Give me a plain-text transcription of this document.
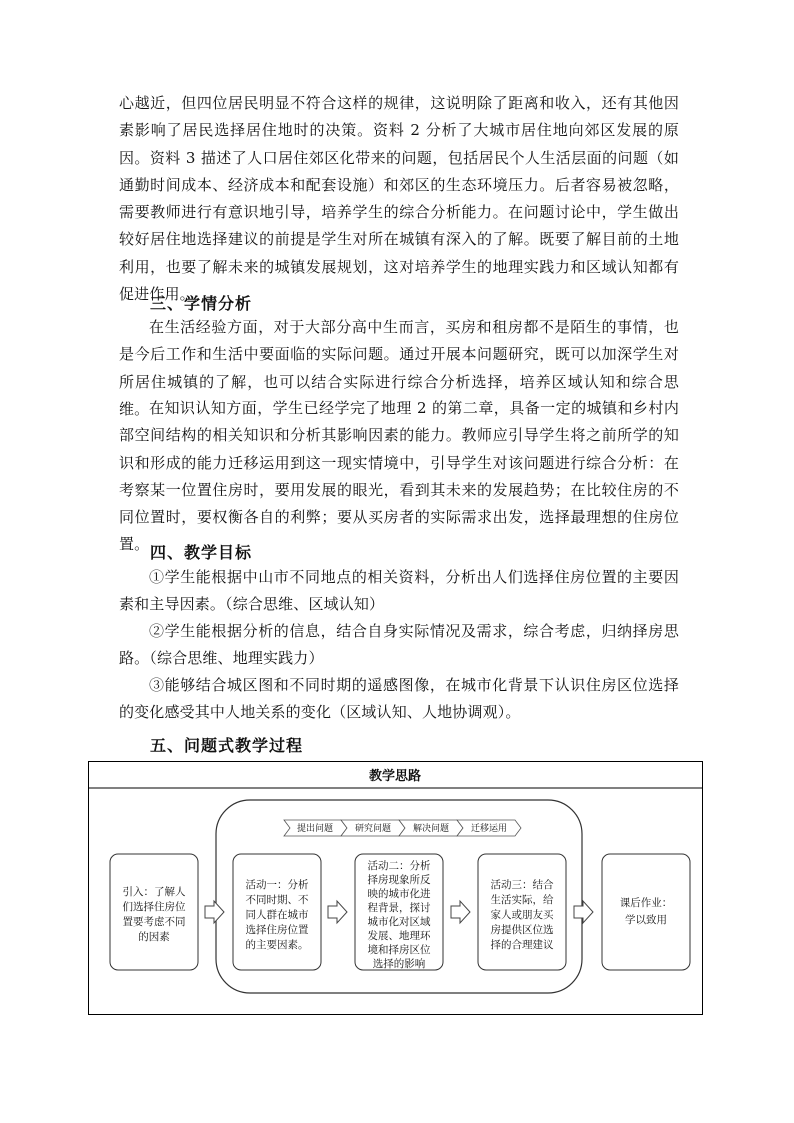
心越近，但四位居民明显不符合这样的规律，这说明除了距离和收入，还有其他因素影响了居民选择居住地时的决策。资料 2 分析了大城市居住地向郊区发展的原因。资料 3 描述了人口居住郊区化带来的问题，包括居民个人生活层面的问题（如通勤时间成本、经济成本和配套设施）和郊区的生态环境压力。后者容易被忽略，需要教师进行有意识地引导，培养学生的综合分析能力。在问题讨论中，学生做出较好居住地选择建议的前提是学生对所在城镇有深入的了解。既要了解目前的土地利用，也要了解未来的城镇发展规划，这对培养学生的地理实践力和区域认知都有促进作用。
三、学情分析
在生活经验方面，对于大部分高中生而言，买房和租房都不是陌生的事情，也是今后工作和生活中要面临的实际问题。通过开展本问题研究，既可以加深学生对所居住城镇的了解，也可以结合实际进行综合分析选择，培养区域认知和综合思维。 在知识认知方面，学生已经学完了地理 2 的第二章，具备一定的城镇和乡村内部空间结构的相关知识和分析其影响因素的能力。教师应引导学生将之前所学的知识和形成的能力迁移运用到这一现实情境中，引导学生对该问题进行综合分析：在考察某一位置住房时，要用发展的眼光，看到其未来的发展趋势；在比较住房的不同位置时，要权衡各自的利弊；要从买房者的实际需求出发，选择最理想的住房位置。 四、教学目标
①学生能根据中山市不同地点的相关资料，分析出人们选择住房位置的主要因素和主导因素。（综合思维、区域认知）
②学生能根据分析的信息，结合自身实际情况及需求，综合考虑，归纳择房思路。（综合思维、地理实践力）
③能够结合城区图和不同时期的遥感图像，在城市化背景下认识住房区位选择的变化感受其中人地关系的变化（区域认知、人地协调观）。
五、问题式教学过程
教学思路
提出问题 研究问题 解决问题 迁移运用
引入：了解人
们选择住房位
置要考虑不同
的因素
活动一：分析
不同时期、不
同人群在城市
选择住房位置
的主要因素。
活动二：分析
择房现象所反
映的城市化进
程背景，探讨
城市化对区域
发展、地理环
境和择房区位
选择的影响
活动三：结合
生活实际，给
家人或朋友买
房提供区位选
择的合理建议
课后作业：
学以致用
